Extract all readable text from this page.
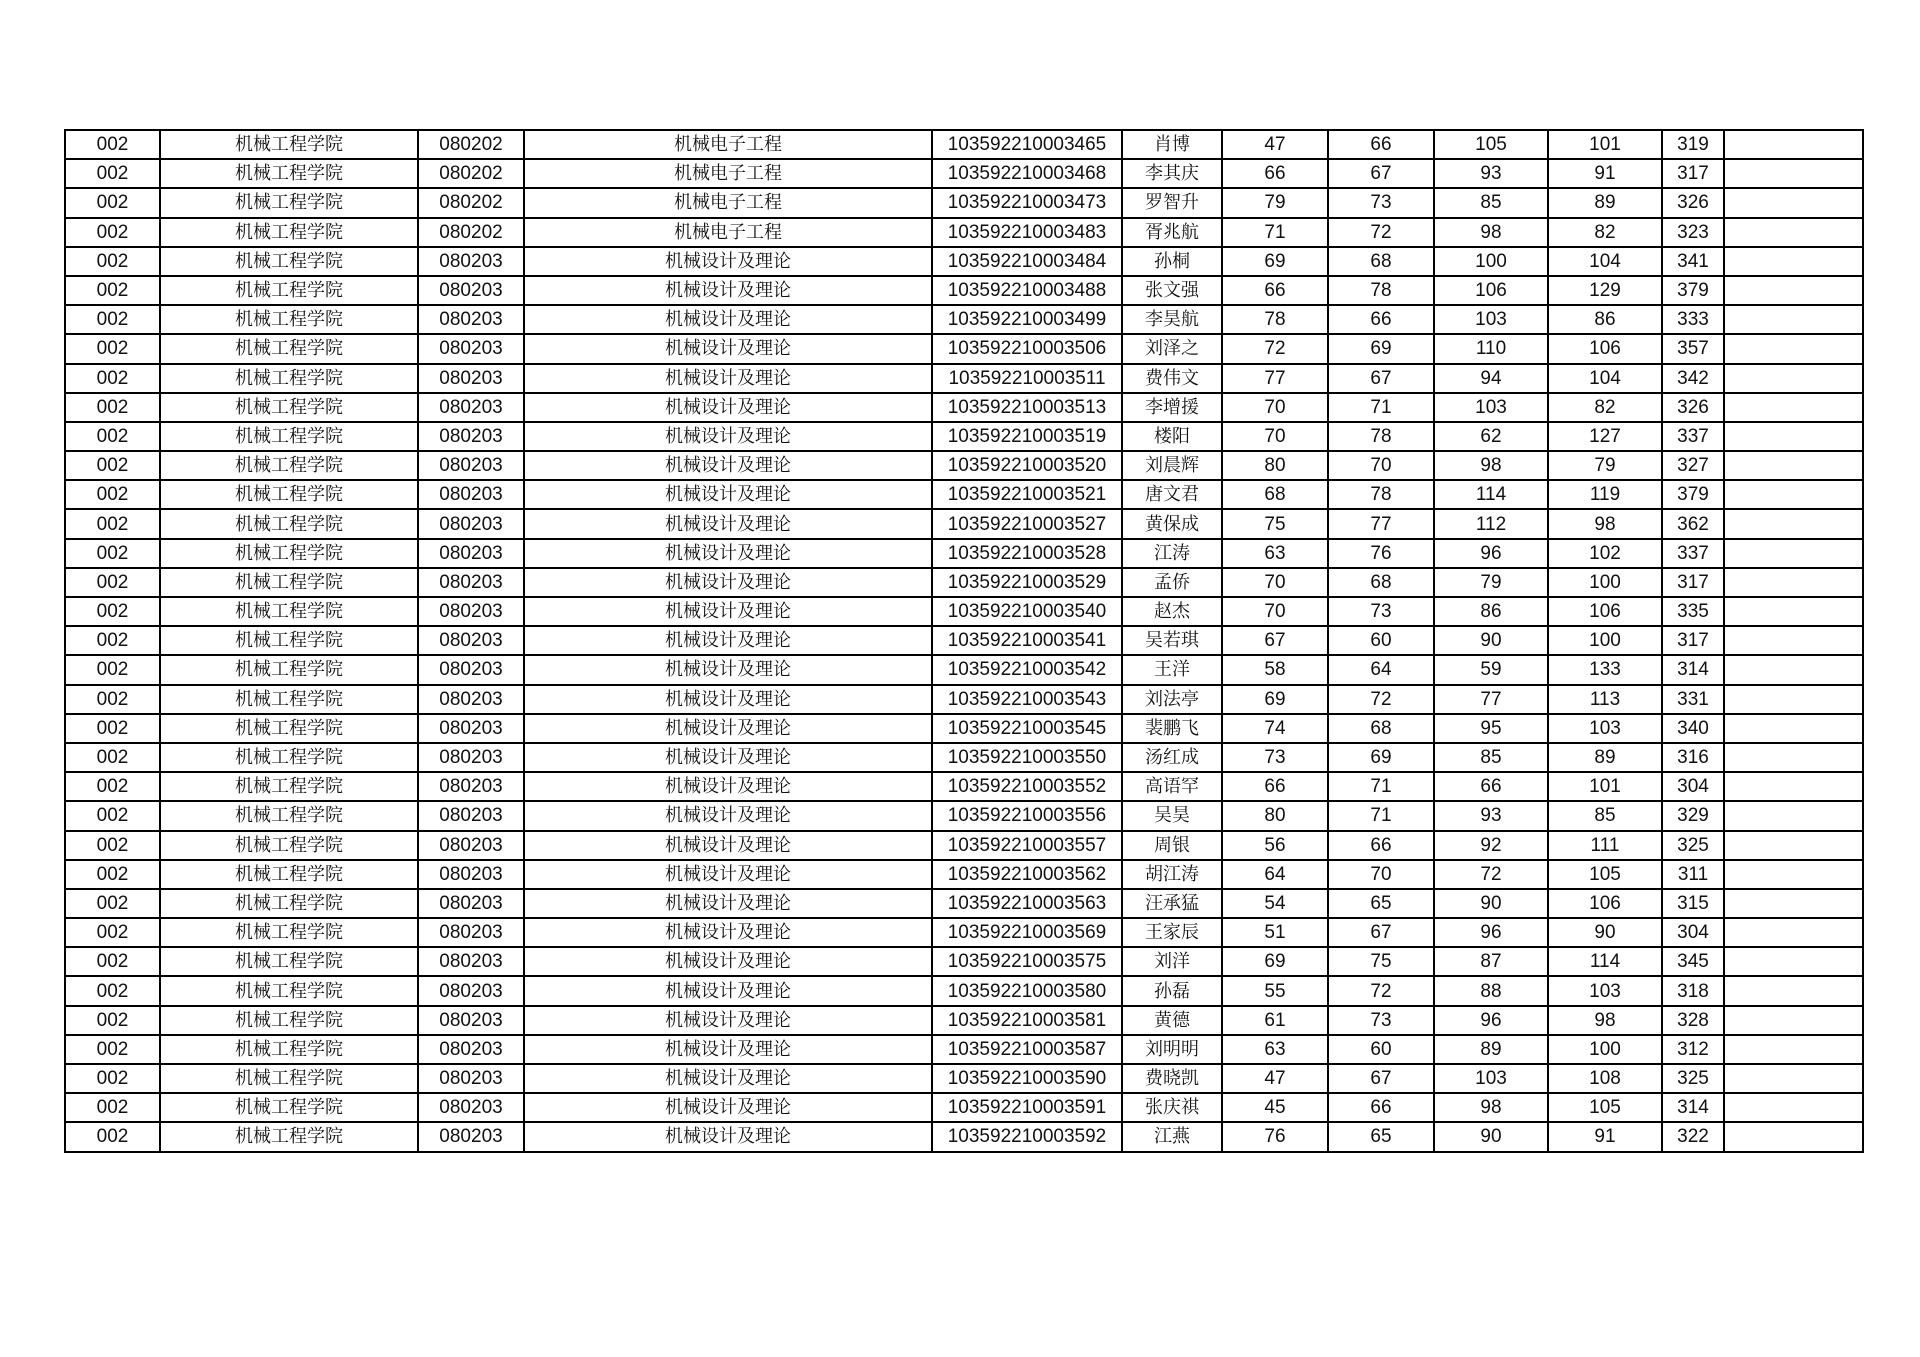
002	机械工程学院	080202	机械电子工程	103592210003465	肖博	47	66	105	101	319	
002	机械工程学院	080202	机械电子工程	103592210003468	李其庆	66	67	93	91	317	
002	机械工程学院	080202	机械电子工程	103592210003473	罗智升	79	73	85	89	326	
002	机械工程学院	080202	机械电子工程	103592210003483	胥兆航	71	72	98	82	323	
002	机械工程学院	080203	机械设计及理论	103592210003484	孙桐	69	68	100	104	341	
002	机械工程学院	080203	机械设计及理论	103592210003488	张文强	66	78	106	129	379	
002	机械工程学院	080203	机械设计及理论	103592210003499	李昊航	78	66	103	86	333	
002	机械工程学院	080203	机械设计及理论	103592210003506	刘泽之	72	69	110	106	357	
002	机械工程学院	080203	机械设计及理论	103592210003511	费伟文	77	67	94	104	342	
002	机械工程学院	080203	机械设计及理论	103592210003513	李增援	70	71	103	82	326	
002	机械工程学院	080203	机械设计及理论	103592210003519	楼阳	70	78	62	127	337	
002	机械工程学院	080203	机械设计及理论	103592210003520	刘晨辉	80	70	98	79	327	
002	机械工程学院	080203	机械设计及理论	103592210003521	唐文君	68	78	114	119	379	
002	机械工程学院	080203	机械设计及理论	103592210003527	黄保成	75	77	112	98	362	
002	机械工程学院	080203	机械设计及理论	103592210003528	江涛	63	76	96	102	337	
002	机械工程学院	080203	机械设计及理论	103592210003529	孟侨	70	68	79	100	317	
002	机械工程学院	080203	机械设计及理论	103592210003540	赵杰	70	73	86	106	335	
002	机械工程学院	080203	机械设计及理论	103592210003541	吴若琪	67	60	90	100	317	
002	机械工程学院	080203	机械设计及理论	103592210003542	王洋	58	64	59	133	314	
002	机械工程学院	080203	机械设计及理论	103592210003543	刘法亭	69	72	77	113	331	
002	机械工程学院	080203	机械设计及理论	103592210003545	裴鹏飞	74	68	95	103	340	
002	机械工程学院	080203	机械设计及理论	103592210003550	汤红成	73	69	85	89	316	
002	机械工程学院	080203	机械设计及理论	103592210003552	高语罕	66	71	66	101	304	
002	机械工程学院	080203	机械设计及理论	103592210003556	吴昊	80	71	93	85	329	
002	机械工程学院	080203	机械设计及理论	103592210003557	周银	56	66	92	111	325	
002	机械工程学院	080203	机械设计及理论	103592210003562	胡江涛	64	70	72	105	311	
002	机械工程学院	080203	机械设计及理论	103592210003563	汪承猛	54	65	90	106	315	
002	机械工程学院	080203	机械设计及理论	103592210003569	王家辰	51	67	96	90	304	
002	机械工程学院	080203	机械设计及理论	103592210003575	刘洋	69	75	87	114	345	
002	机械工程学院	080203	机械设计及理论	103592210003580	孙磊	55	72	88	103	318	
002	机械工程学院	080203	机械设计及理论	103592210003581	黄德	61	73	96	98	328	
002	机械工程学院	080203	机械设计及理论	103592210003587	刘明明	63	60	89	100	312	
002	机械工程学院	080203	机械设计及理论	103592210003590	费晓凯	47	67	103	108	325	
002	机械工程学院	080203	机械设计及理论	103592210003591	张庆祺	45	66	98	105	314	
002	机械工程学院	080203	机械设计及理论	103592210003592	江燕	76	65	90	91	322	
